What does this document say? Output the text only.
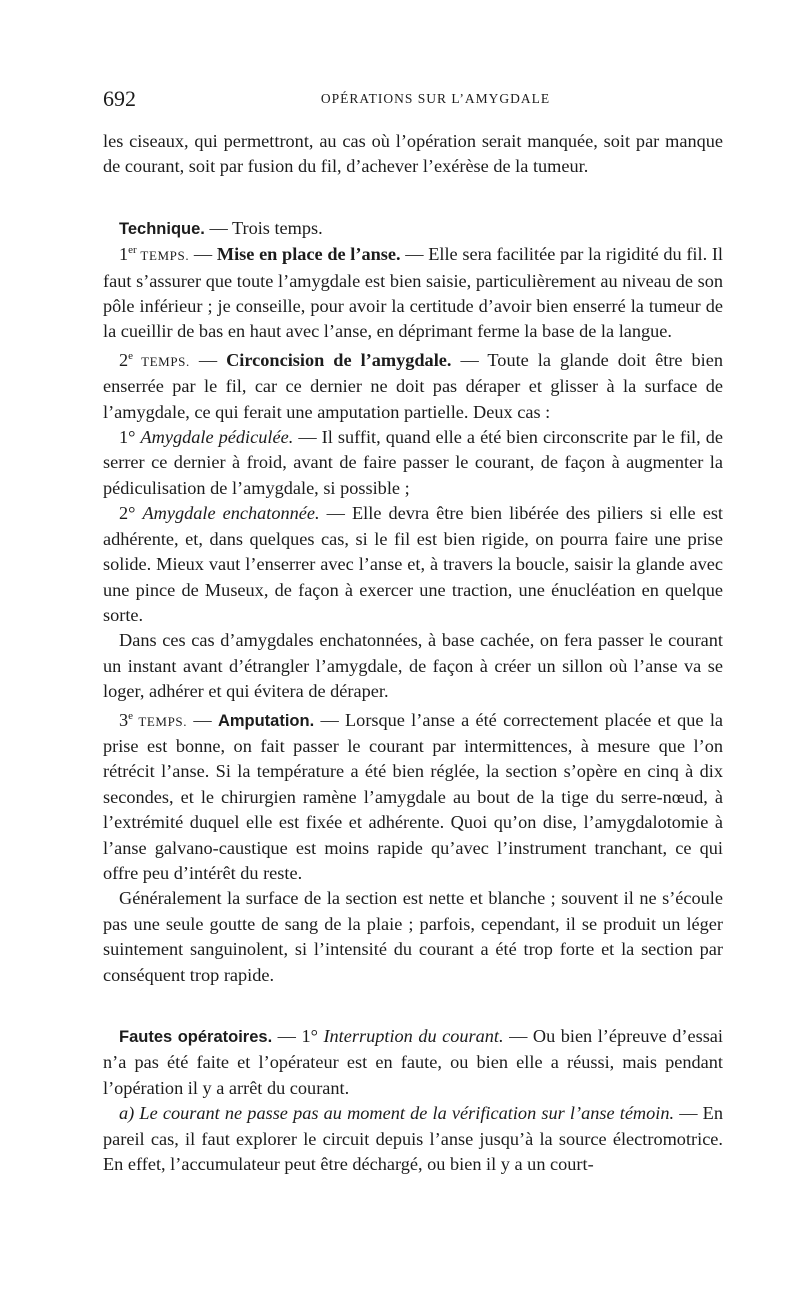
692	OPÉRATIONS SUR L’AMYGDALE

les ciseaux, qui permettront, au cas où l’opération serait manquée, soit par manque de courant, soit par fusion du fil, d’achever l’exérèse de la tumeur.

Technique. — Trois temps.

1er TEMPS. — Mise en place de l’anse. — Elle sera facilitée par la rigidité du fil. Il faut s’assurer que toute l’amygdale est bien saisie, particulièrement au niveau de son pôle inférieur ; je conseille, pour avoir la certitude d’avoir bien enserré la tumeur de la cueillir de bas en haut avec l’anse, en déprimant ferme la base de la langue.

2e TEMPS. — Circoncision de l’amygdale. — Toute la glande doit être bien enserrée par le fil, car ce dernier ne doit pas déraper et glisser à la surface de l’amygdale, ce qui ferait une amputation partielle. Deux cas :

1° Amygdale pédiculée. — Il suffit, quand elle a été bien circonscrite par le fil, de serrer ce dernier à froid, avant de faire passer le courant, de façon à augmenter la pédiculisation de l’amygdale, si possible ;

2° Amygdale enchatonnée. — Elle devra être bien libérée des piliers si elle est adhérente, et, dans quelques cas, si le fil est bien rigide, on pourra faire une prise solide. Mieux vaut l’enserrer avec l’anse et, à travers la boucle, saisir la glande avec une pince de Museux, de façon à exercer une traction, une énucléation en quelque sorte.

Dans ces cas d’amygdales enchatonnées, à base cachée, on fera passer le courant un instant avant d’étrangler l’amygdale, de façon à créer un sillon où l’anse va se loger, adhérer et qui évitera de déraper.

3e TEMPS. — Amputation. — Lorsque l’anse a été correctement placée et que la prise est bonne, on fait passer le courant par intermittences, à mesure que l’on rétrécit l’anse. Si la température a été bien réglée, la section s’opère en cinq à dix secondes, et le chirurgien ramène l’amygdale au bout de la tige du serre-nœud, à l’extrémité duquel elle est fixée et adhérente. Quoi qu’on dise, l’amygdalotomie à l’anse galvano-caustique est moins rapide qu’avec l’instrument tranchant, ce qui offre peu d’intérêt du reste.

Généralement la surface de la section est nette et blanche ; souvent il ne s’écoule pas une seule goutte de sang de la plaie ; parfois, cependant, il se produit un léger suintement sanguinolent, si l’intensité du courant a été trop forte et la section par conséquent trop rapide.

Fautes opératoires. — 1° Interruption du courant. — Ou bien l’épreuve d’essai n’a pas été faite et l’opérateur est en faute, ou bien elle a réussi, mais pendant l’opération il y a arrêt du courant.

a) Le courant ne passe pas au moment de la vérification sur l’anse témoin. — En pareil cas, il faut explorer le circuit depuis l’anse jusqu’à la source électromotrice. En effet, l’accumulateur peut être déchargé, ou bien il y a un court-
